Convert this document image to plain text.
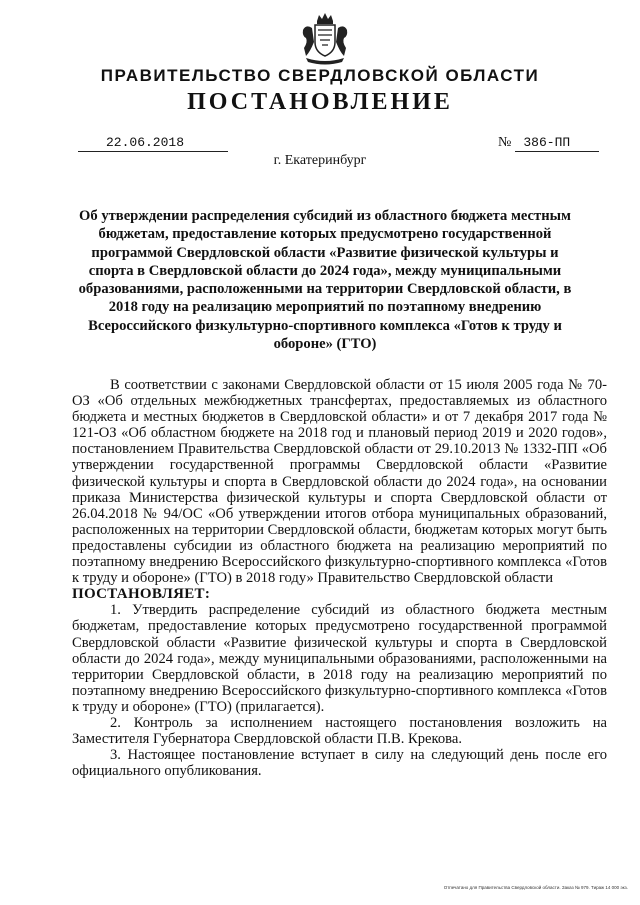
ПРАВИТЕЛЬСТВО СВЕРДЛОВСКОЙ ОБЛАСТИ
ПОСТАНОВЛЕНИЕ
22.06.2018	№ 386-ПП
г. Екатеринбург
Об утверждении распределения субсидий из областного бюджета местным бюджетам, предоставление которых предусмотрено государственной программой Свердловской области «Развитие физической культуры и спорта в Свердловской области до 2024 года», между муниципальными образованиями, расположенными на территории Свердловской области, в 2018 году на реализацию мероприятий по поэтапному внедрению Всероссийского физкультурно-спортивного комплекса «Готов к труду и обороне» (ГТО)

В соответствии с законами Свердловской области от 15 июля 2005 года № 70-ОЗ «Об отдельных межбюджетных трансфертах, предоставляемых из областного бюджета и местных бюджетов в Свердловской области» и от 7 декабря 2017 года № 121-ОЗ «Об областном бюджете на 2018 год и плановый период 2019 и 2020 годов», постановлением Правительства Свердловской области от 29.10.2013 № 1332-ПП «Об утверждении государственной программы Свердловской области «Развитие физической культуры и спорта в Свердловской области до 2024 года», на основании приказа Министерства физической культуры и спорта Свердловской области от 26.04.2018 № 94/ОС «Об утверждении итогов отбора муниципальных образований, расположенных на территории Свердловской области, бюджетам которых могут быть предоставлены субсидии из областного бюджета на реализацию мероприятий по поэтапному внедрению Всероссийского физкультурно-спортивного комплекса «Готов к труду и обороне» (ГТО) в 2018 году» Правительство Свердловской области

ПОСТАНОВЛЯЕТ:

1. Утвердить распределение субсидий из областного бюджета местным бюджетам, предоставление которых предусмотрено государственной программой Свердловской области «Развитие физической культуры и спорта в Свердловской области до 2024 года», между муниципальными образованиями, расположенными на территории Свердловской области, в 2018 году на реализацию мероприятий по поэтапному внедрению Всероссийского физкультурно-спортивного комплекса «Готов к труду и обороне» (ГТО) (прилагается).

2. Контроль за исполнением настоящего постановления возложить на Заместителя Губернатора Свердловской области П.В. Крекова.

3. Настоящее постановление вступает в силу на следующий день после его официального опубликования.

Отпечатано для Правительства Свердловской области. Заказ № 979. Тираж 14 000 экз.
